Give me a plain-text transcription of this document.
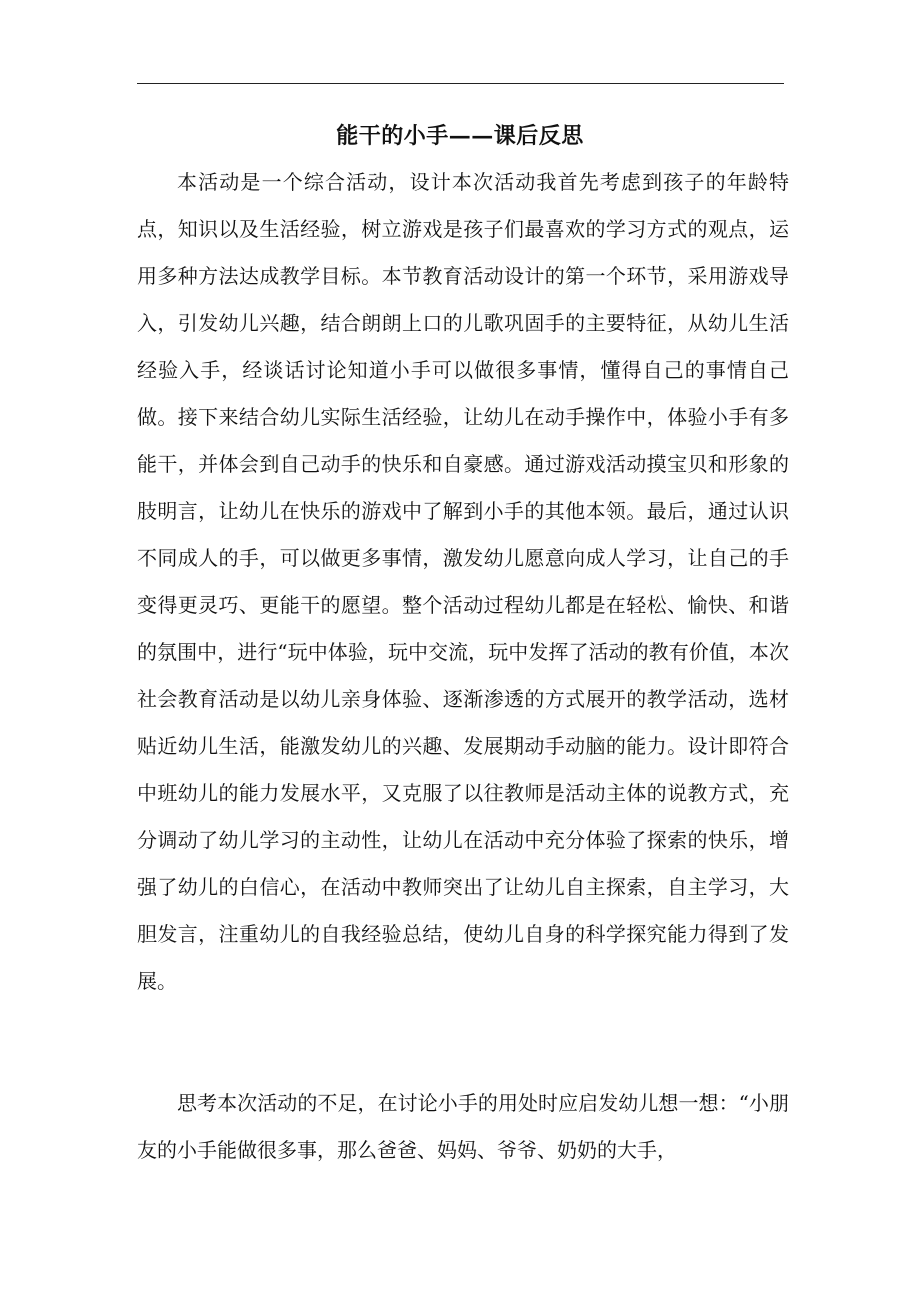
能干的小手——课后反思

本活动是一个综合活动，设计本次活动我首先考虑到孩子的年龄特点，知识以及生活经验，树立游戏是孩子们最喜欢的学习方式的观点，运用多种方法达成教学目标。本节教育活动设计的第一个环节，采用游戏导入，引发幼儿兴趣，结合朗朗上口的儿歌巩固手的主要特征，从幼儿生活经验入手，经谈话讨论知道小手可以做很多事情，懂得自己的事情自己做。接下来结合幼儿实际生活经验，让幼儿在动手操作中，体验小手有多能干，并体会到自己动手的快乐和自豪感。通过游戏活动摸宝贝和形象的肢明言，让幼儿在快乐的游戏中了解到小手的其他本领。最后，通过认识不同成人的手，可以做更多事情，激发幼儿愿意向成人学习，让自己的手变得更灵巧、更能干的愿望。整个活动过程幼儿都是在轻松、愉快、和谐的氛围中，进行“玩中体验，玩中交流，玩中发挥了活动的教有价值，本次社会教育活动是以幼儿亲身体验、逐渐渗透的方式展开的教学活动，选材贴近幼儿生活，能激发幼儿的兴趣、发展期动手动脑的能力。设计即符合中班幼儿的能力发展水平，又克服了以往教师是活动主体的说教方式，充分调动了幼儿学习的主动性，让幼儿在活动中充分体验了探索的快乐，增强了幼儿的白信心，在活动中教师突出了让幼儿自主探索，自主学习，大胆发言，注重幼儿的自我经验总结，使幼儿自身的科学探究能力得到了发展。

思考本次活动的不足，在讨论小手的用处时应启发幼儿想一想：“小朋友的小手能做很多事，那么爸爸、妈妈、爷爷、奶奶的大手，
